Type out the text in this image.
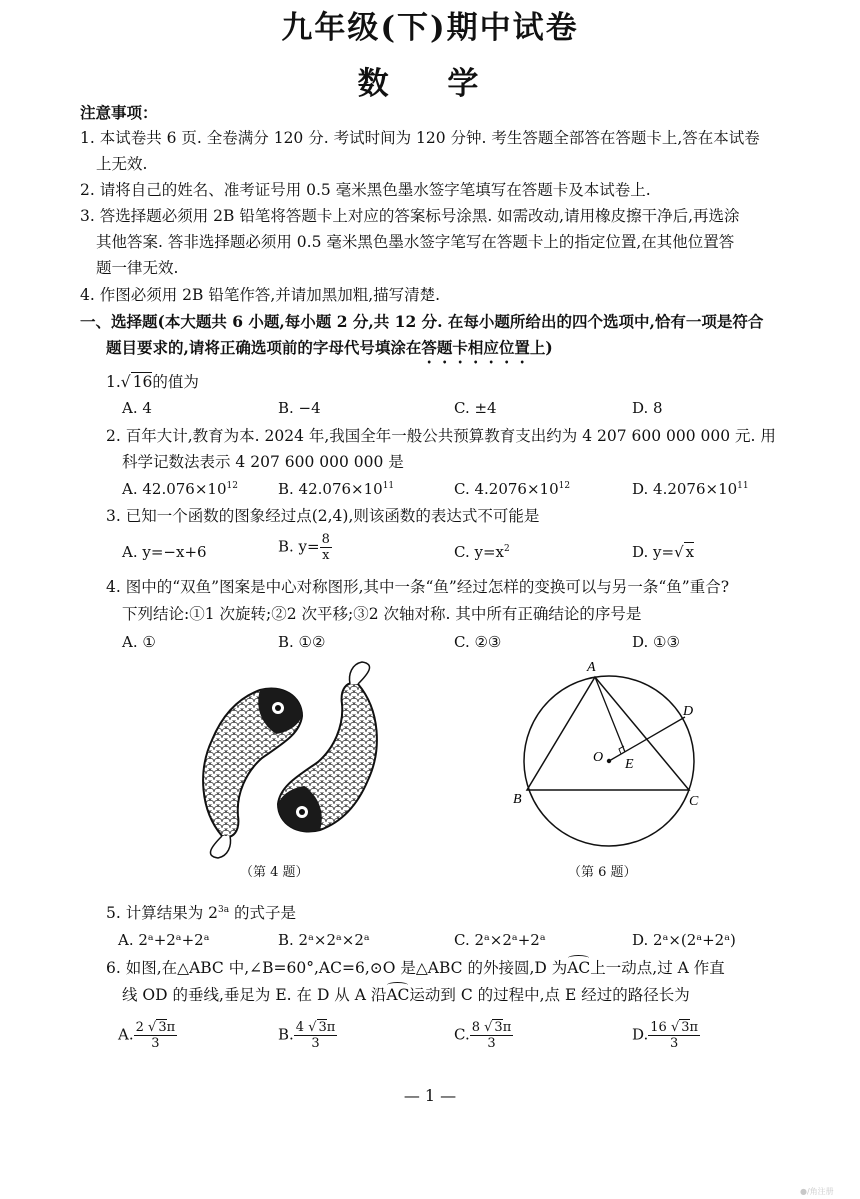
九年级(下)期中试卷
数 学
注意事项：
1. 本试卷共 6 页. 全卷满分 120 分. 考试时间为 120 分钟. 考生答题全部答在答题卡上,答在本试卷
上无效.
2. 请将自己的姓名、准考证号用 0.5 毫米黑色墨水签字笔填写在答题卡及本试卷上.
3. 答选择题必须用 2B 铅笔将答题卡上对应的答案标号涂黑. 如需改动,请用橡皮擦干净后,再选涂
其他答案. 答非选择题必须用 0.5 毫米黑色墨水签字笔写在答题卡上的指定位置,在其他位置答
题一律无效.
4. 作图必须用 2B 铅笔作答,并请加黑加粗,描写清楚.
一、选择题(本大题共 6 小题,每小题 2 分,共 12 分. 在每小题所给出的四个选项中,恰有一项是符合
题目要求的,请将正确选项前的字母代号填涂在答题卡相应位置上)
1.√ 16的值为
A. 4	B. −4	C. ±4	D. 8
2. 百年大计,教育为本. 2024 年,我国全年一般公共预算教育支出约为 4 207 600 000 000 元. 用
科学记数法表示 4 207 600 000 000 是
A. $42.076\times 10^{12}$	B. $42.076\times 10^{11}$	C. $4.2076\times 10^{12}$	D. $4.2076\times 10^{11}$
3. 已知一个函数的图象经过点(2,4),则该函数的表达式不可能是
A. y=−x+6	B. $y= \frac{8}{x}$	C. $y=x^2$	D. y=√ x
4. 图中的“双鱼”图案是中心对称图形,其中一条“鱼”经过怎样的变换可以与另一条“鱼”重合?
下列结论:①1 次旋转;②2 次平移;③2 次轴对称. 其中所有正确结论的序号是
A. ①	B. ①②	C. ②③	D. ①③
（第 4 题）
A
B	C
D
O E
（第 6 题）
5. 计算结果为 $2^{3a}$ 的式子是
A. 2ᵃ+2ᵃ+2ᵃ	B. 2ᵃ×2ᵃ×2ᵃ	C. 2ᵃ×2ᵃ+2ᵃ	D. 2ᵃ×(2ᵃ+2ᵃ)
6. 如图,在△ABC 中,∠B=60°,AC=6,⊙O 是△ABC 的外接圆,D 为AC上一动点,过 A 作直
线 OD 的垂线,垂足为 E. 在 D 从 A 沿AC运动到 C 的过程中,点 E 经过的路径长为
A. $\frac{2 √ 3\pi}{3}$	B. $\frac{4 √ 3\pi}{3}$	C. $\frac{8 √ 3\pi}{3}$	D. $\frac{16 √ 3\pi}{3}$
— 1 —
●/角注册
